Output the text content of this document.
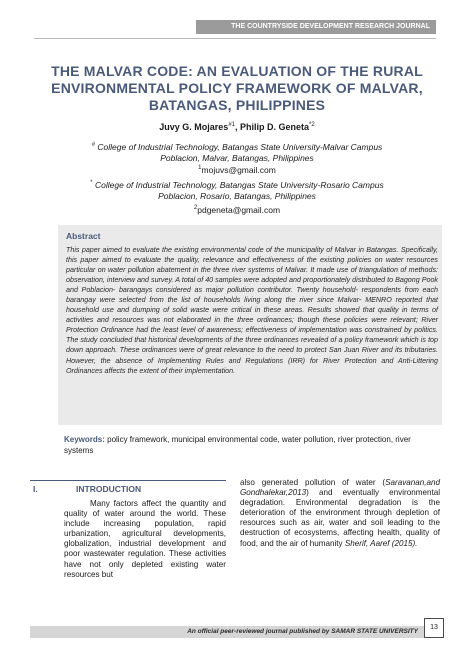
THE COUNTRYSIDE DEVELOPMENT RESEARCH JOURNAL
THE MALVAR CODE: AN EVALUATION OF THE RURAL ENVIRONMENTAL POLICY FRAMEWORK OF MALVAR, BATANGAS, PHILIPPINES
Juvy G. Mojares$^{\#1}$, Philip D. Geneta$^{*2}$
# College of Industrial Technology, Batangas State University-Malvar Campus
Poblacion, Malvar, Batangas, Philippines
$^1$mojuvs@gmail.com
* College of Industrial Technology, Batangas State University-Rosario Campus
Poblacion, Rosario, Batangas, Philippines
$^2$pdgeneta@gmail.com
Abstract
This paper aimed to evaluate the existing environmental code of the municipality of Malvar in Batangas. Specifically, this paper aimed to evaluate the quality, relevance and effectiveness of the existing policies on water resources particular on water pollution abatement in the three river systems of Malvar. It made use of triangulation of methods: observation, interview and survey. A total of 40 samples were adopted and proportionately distributed to Bagong Pook and Poblacion- barangays considered as major pollution contributor. Twenty household- respondents from each barangay were selected from the list of households living along the river since Malvar- MENRO reported that household use and dumping of solid waste were critical in these areas. Results showed that quality in terms of activities and resources was not elaborated in the three ordinances; though these policies were relevant; River Protection Ordinance had the least level of awareness; effectiveness of implementation was constrained by politics. The study concluded that historical developments of the three ordinances revealed of a policy framework which is top down approach. These ordinances were of great relevance to the need to protect San Juan River and its tributaries. However, the absence of Implementing Rules and Regulations (IRR) for River Protection and Anti-Littering Ordinances affects the extent of their implementation.
Keywords: policy framework, municipal environmental code, water pollution, river protection, river systems
I.	INTRODUCTION

Many factors affect the quantity and quality of water around the world. These include increasing population, rapid urbanization, agricultural developments, globalization, industrial development and poor wastewater regulation. These activities have not only depleted existing water resources but

also generated pollution of water (Saravanan,and Gondhalekar,2013) and eventually environmental degradation. Environmental degradation is the deterioration of the environment through depletion of resources such as air, water and soil leading to the destruction of ecosystems, affecting health, quality of food, and the air of humanity Sherif, Aaref (2015).

An official peer-reviewed journal published by SAMAR STATE UNIVERSITY
13
